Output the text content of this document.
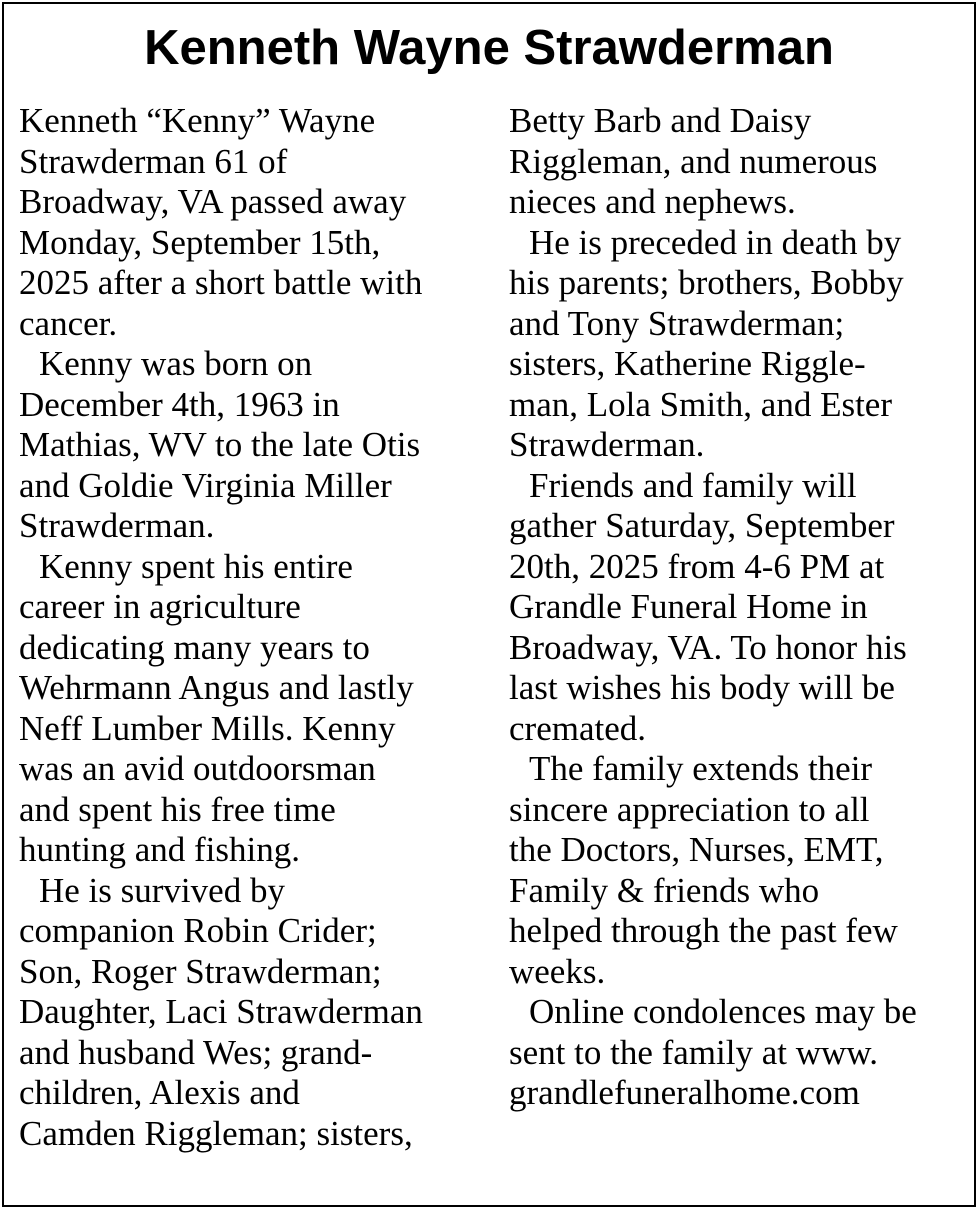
Kenneth Wayne Strawderman
Kenneth “Kenny” Wayne
Strawderman 61 of
Broadway, VA passed away
Monday, September 15th,
2025 after a short battle with
cancer.
Kenny was born on
December 4th, 1963 in
Mathias, WV to the late Otis
and Goldie Virginia Miller
Strawderman.
Kenny spent his entire
career in agriculture
dedicating many years to
Wehrmann Angus and lastly
Neff Lumber Mills. Kenny
was an avid outdoorsman
and spent his free time
hunting and fishing.
He is survived by
companion Robin Crider;
Son, Roger Strawderman;
Daughter, Laci Strawderman
and husband Wes; grand-
children, Alexis and
Camden Riggleman; sisters,
Betty Barb and Daisy
Riggleman, and numerous
nieces and nephews.
He is preceded in death by
his parents; brothers, Bobby
and Tony Strawderman;
sisters, Katherine Riggle-
man, Lola Smith, and Ester
Strawderman.
Friends and family will
gather Saturday, September
20th, 2025 from 4-6 PM at
Grandle Funeral Home in
Broadway, VA. To honor his
last wishes his body will be
cremated.
The family extends their
sincere appreciation to all
the Doctors, Nurses, EMT,
Family & friends who
helped through the past few
weeks.
Online condolences may be
sent to the family at www.
grandlefuneralhome.com
